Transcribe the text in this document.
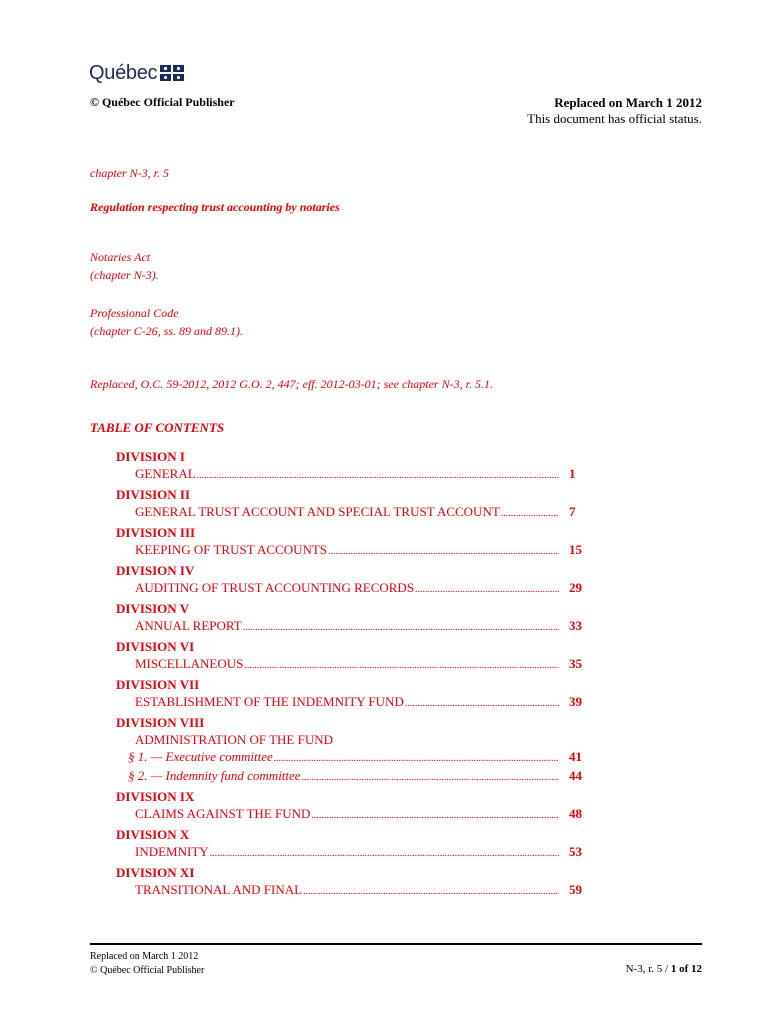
Québec
© Québec Official Publisher	Replaced on March 1 2012
This document has official status.
chapter N-3, r. 5
Regulation respecting trust accounting by notaries
Notaries Act
(chapter N-3).
Professional Code
(chapter C-26, ss. 89 and 89.1).
Replaced, O.C. 59-2012, 2012 G.O. 2, 447; eff. 2012-03-01; see chapter N-3, r. 5.1.
TABLE OF CONTENTS
DIVISION I
GENERAL .....	1
DIVISION II
GENERAL TRUST ACCOUNT AND SPECIAL TRUST ACCOUNT .....	7
DIVISION III
KEEPING OF TRUST ACCOUNTS .....	15
DIVISION IV
AUDITING OF TRUST ACCOUNTING RECORDS .....	29
DIVISION V
ANNUAL REPORT .....	33
DIVISION VI
MISCELLANEOUS .....	35
DIVISION VII
ESTABLISHMENT OF THE INDEMNITY FUND .....	39
DIVISION VIII
ADMINISTRATION OF THE FUND
§ 1. — Executive committee .....	41
§ 2. — Indemnity fund committee .....	44
DIVISION IX
CLAIMS AGAINST THE FUND .....	48
DIVISION X
INDEMNITY .....	53
DIVISION XI
TRANSITIONAL AND FINAL .....	59
Replaced on March 1 2012
© Québec Official Publisher	N-3, r. 5 / 1 of 12
